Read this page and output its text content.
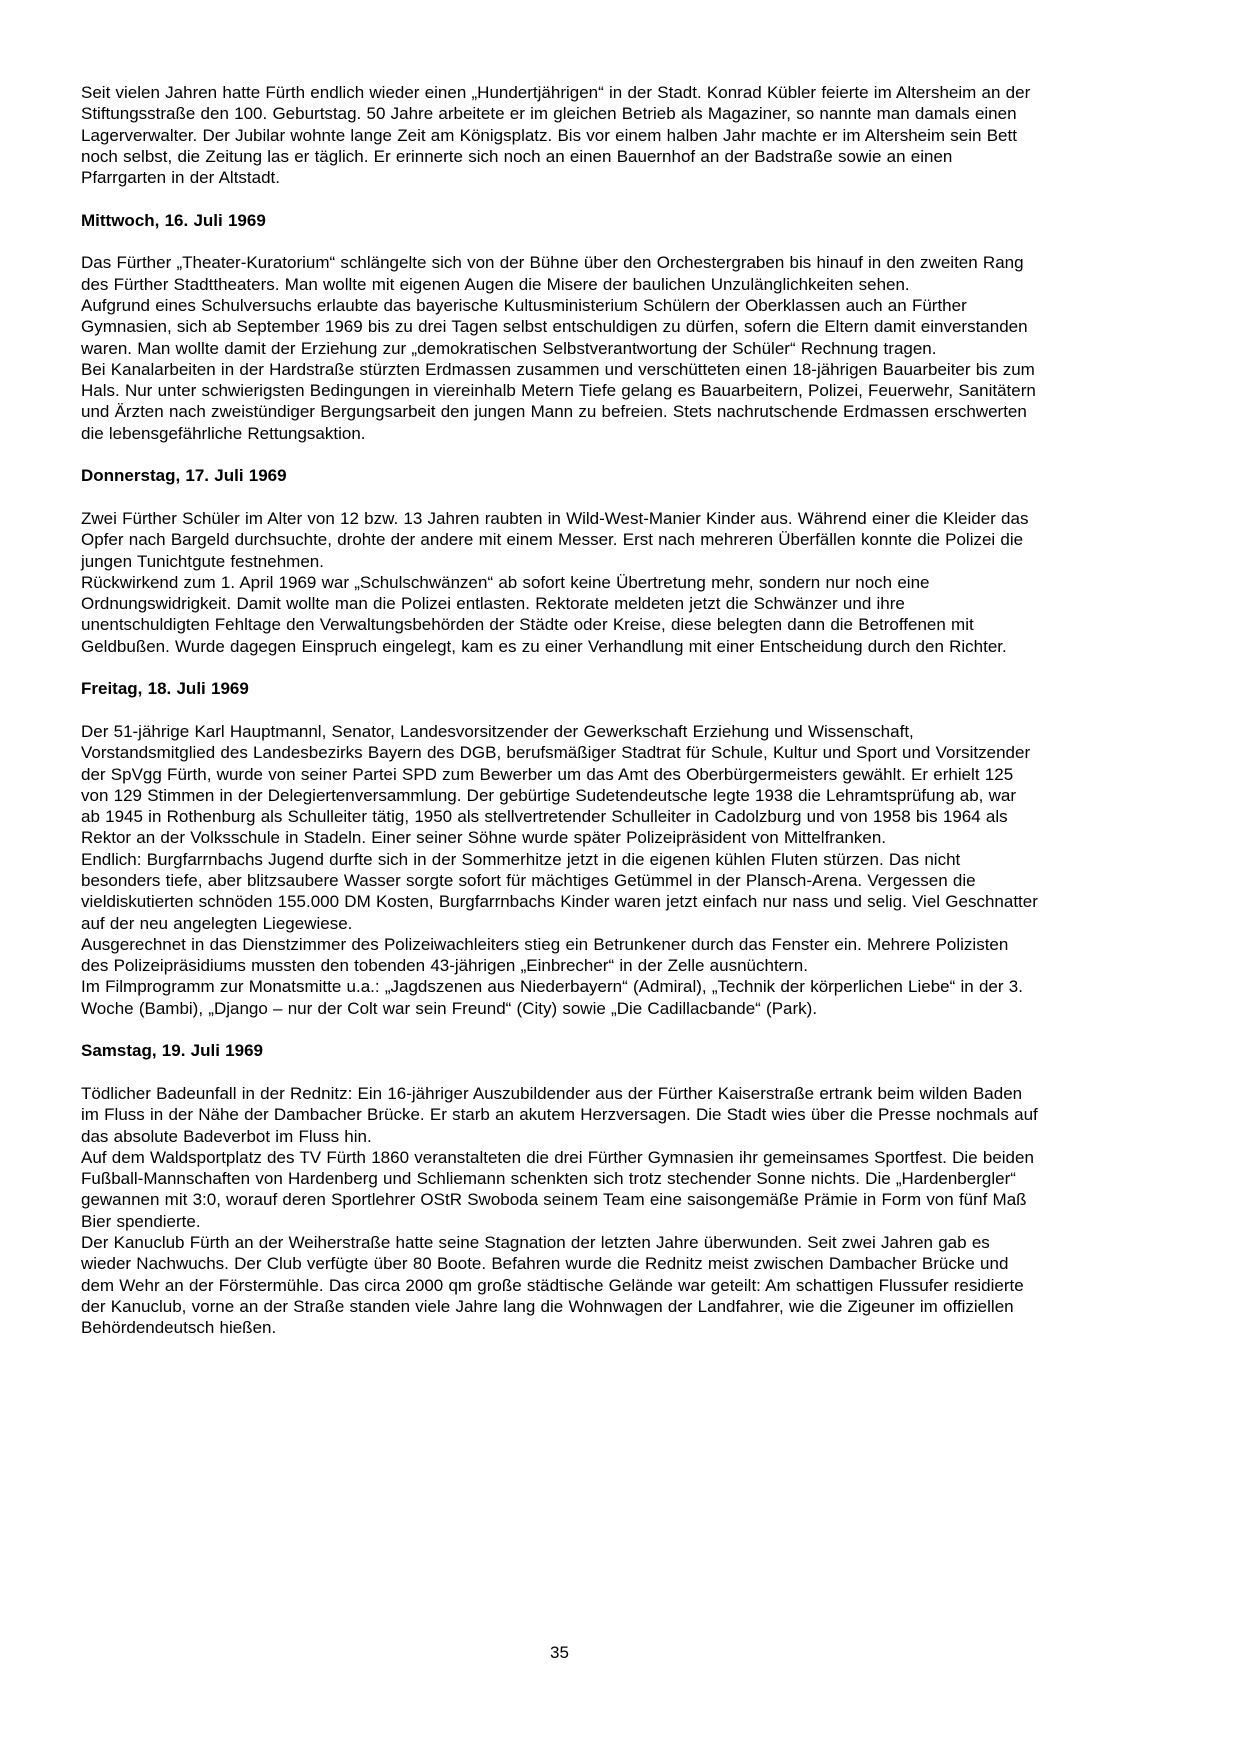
Seit vielen Jahren hatte Fürth endlich wieder einen „Hundertjährigen“ in der Stadt. Konrad Kübler feierte im Altersheim an der Stiftungsstraße den 100. Geburtstag. 50 Jahre arbeitete er im gleichen Betrieb als Magaziner, so nannte man damals einen Lagerverwalter. Der Jubilar wohnte lange Zeit am Königsplatz. Bis vor einem halben Jahr machte er im Altersheim sein Bett noch selbst, die Zeitung las er täglich. Er erinnerte sich noch an einen Bauernhof an der Badstraße sowie an einen Pfarrgarten in der Altstadt.

Mittwoch, 16. Juli 1969

Das Fürther „Theater-Kuratorium“ schlängelte sich von der Bühne über den Orchestergraben bis hinauf in den zweiten Rang des Fürther Stadttheaters. Man wollte mit eigenen Augen die Misere der baulichen Unzulänglichkeiten sehen.

Aufgrund eines Schulversuchs erlaubte das bayerische Kultusministerium Schülern der Oberklassen auch an Fürther Gymnasien, sich ab September 1969 bis zu drei Tagen selbst entschuldigen zu dürfen, sofern die Eltern damit einverstanden waren. Man wollte damit der Erziehung zur „demokratischen Selbstverantwortung der Schüler“ Rechnung tragen.

Bei Kanalarbeiten in der Hardstraße stürzten Erdmassen zusammen und verschütteten einen 18-jährigen Bauarbeiter bis zum Hals. Nur unter schwierigsten Bedingungen in viereinhalb Metern Tiefe gelang es Bauarbeitern, Polizei, Feuerwehr, Sanitätern und Ärzten nach zweistündiger Bergungsarbeit den jungen Mann zu befreien. Stets nachrutschende Erdmassen erschwerten die lebensgefährliche Rettungsaktion.

Donnerstag, 17. Juli 1969

Zwei Fürther Schüler im Alter von 12 bzw. 13 Jahren raubten in Wild-West-Manier Kinder aus. Während einer die Kleider das Opfer nach Bargeld durchsuchte, drohte der andere mit einem Messer. Erst nach mehreren Überfällen konnte die Polizei die jungen Tunichtgute festnehmen.

Rückwirkend zum 1. April 1969 war „Schulschwänzen“ ab sofort keine Übertretung mehr, sondern nur noch eine Ordnungswidrigkeit. Damit wollte man die Polizei entlasten. Rektorate meldeten jetzt die Schwänzer und ihre unentschuldigten Fehltage den Verwaltungsbehörden der Städte oder Kreise, diese belegten dann die Betroffenen mit Geldbußen. Wurde dagegen Einspruch eingelegt, kam es zu einer Verhandlung mit einer Entscheidung durch den Richter.

Freitag, 18. Juli 1969

Der 51-jährige Karl Hauptmannl, Senator, Landesvorsitzender der Gewerkschaft Erziehung und Wissenschaft, Vorstandsmitglied des Landesbezirks Bayern des DGB, berufsmäßiger Stadtrat für Schule, Kultur und Sport und Vorsitzender der SpVgg Fürth, wurde von seiner Partei SPD zum Bewerber um das Amt des Oberbürgermeisters gewählt. Er erhielt 125 von 129 Stimmen in der Delegiertenversammlung. Der gebürtige Sudetendeutsche legte 1938 die Lehramtsprüfung ab, war ab 1945 in Rothenburg als Schulleiter tätig, 1950 als stellvertretender Schulleiter in Cadolzburg und von 1958 bis 1964 als Rektor an der Volksschule in Stadeln. Einer seiner Söhne wurde später Polizeipräsident von Mittelfranken.

Endlich: Burgfarrnbachs Jugend durfte sich in der Sommerhitze jetzt in die eigenen kühlen Fluten stürzen. Das nicht besonders tiefe, aber blitzsaubere Wasser sorgte sofort für mächtiges Getümmel in der Plansch-Arena. Vergessen die vieldiskutierten schnöden 155.000 DM Kosten, Burgfarrnbachs Kinder waren jetzt einfach nur nass und selig. Viel Geschnatter auf der neu angelegten Liegewiese.

Ausgerechnet in das Dienstzimmer des Polizeiwachleiters stieg ein Betrunkener durch das Fenster ein. Mehrere Polizisten des Polizeipräsidiums mussten den tobenden 43-jährigen „Einbrecher“ in der Zelle ausnüchtern.

Im Filmprogramm zur Monatsmitte u.a.: „Jagdszenen aus Niederbayern“ (Admiral), „Technik der körperlichen Liebe“ in der 3. Woche (Bambi), „Django – nur der Colt war sein Freund“ (City) sowie „Die Cadillacbande“ (Park).

Samstag, 19. Juli 1969

Tödlicher Badeunfall in der Rednitz: Ein 16-jähriger Auszubildender aus der Fürther Kaiserstraße ertrank beim wilden Baden im Fluss in der Nähe der Dambacher Brücke. Er starb an akutem Herzversagen. Die Stadt wies über die Presse nochmals auf das absolute Badeverbot im Fluss hin.

Auf dem Waldsportplatz des TV Fürth 1860 veranstalteten die drei Fürther Gymnasien ihr gemeinsames Sportfest. Die beiden Fußball-Mannschaften von Hardenberg und Schliemann schenkten sich trotz stechender Sonne nichts. Die „Hardenbergler“ gewannen mit 3:0, worauf deren Sportlehrer OStR Swoboda seinem Team eine saisongemäße Prämie in Form von fünf Maß Bier spendierte.

Der Kanuclub Fürth an der Weiherstraße hatte seine Stagnation der letzten Jahre überwunden. Seit zwei Jahren gab es wieder Nachwuchs. Der Club verfügte über 80 Boote. Befahren wurde die Rednitz meist zwischen Dambacher Brücke und dem Wehr an der Förstermühle. Das circa 2000 qm große städtische Gelände war geteilt: Am schattigen Flussufer residierte der Kanuclub, vorne an der Straße standen viele Jahre lang die Wohnwagen der Landfahrer, wie die Zigeuner im offiziellen Behördendeutsch hießen.

35
